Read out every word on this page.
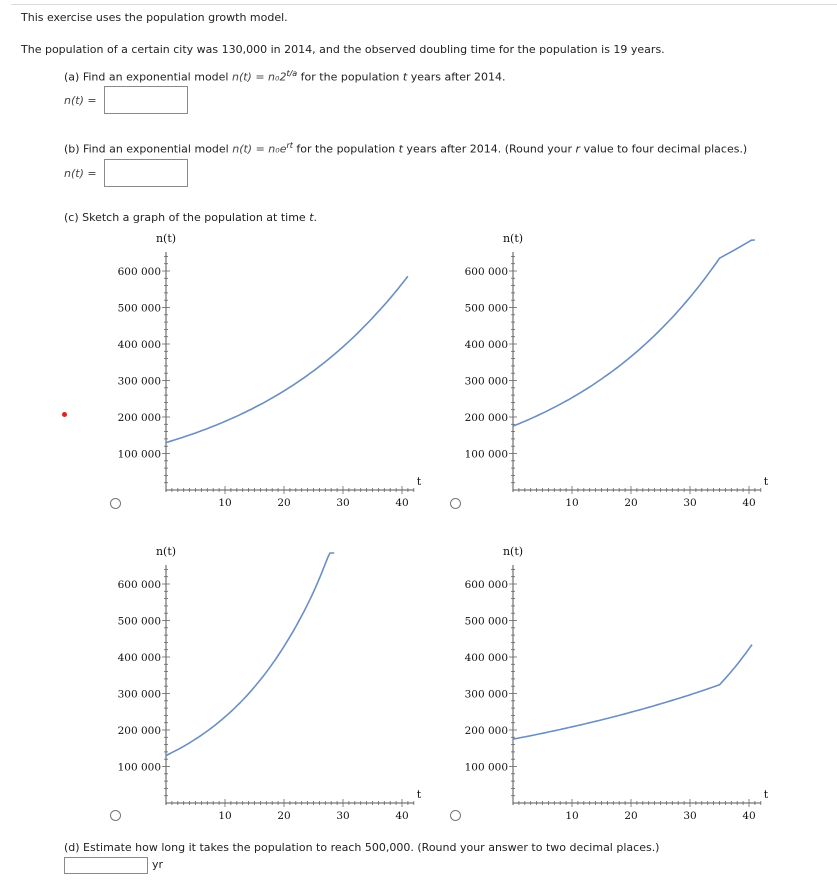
This exercise uses the population growth model.
The population of a certain city was 130,000 in 2014, and the observed doubling time for the population is 19 years.
(a) Find an exponential model $n(t) = n_02^{t/a}$ for the population t years after 2014.
n(t) =
(b) Find an exponential model $n(t) = n_0e^{rt}$ for the population t years after 2014. (Round your r value to four decimal places.)
n(t) =
(c) Sketch a graph of the population at time t.
10	20	30	40
100 000
200 000
300 000
400 000
500 000
600 000
t
n(t)
10	20	30	40
100 000
200 000
300 000
400 000
500 000
600 000
t
n(t)
10	20	30	40
100 000
200 000
300 000
400 000
500 000
600 000
t
n(t)
10	20	30	40
100 000
200 000
300 000
400 000
500 000
600 000
t
n(t)
(d) Estimate how long it takes the population to reach 500,000. (Round your answer to two decimal places.)
yr
